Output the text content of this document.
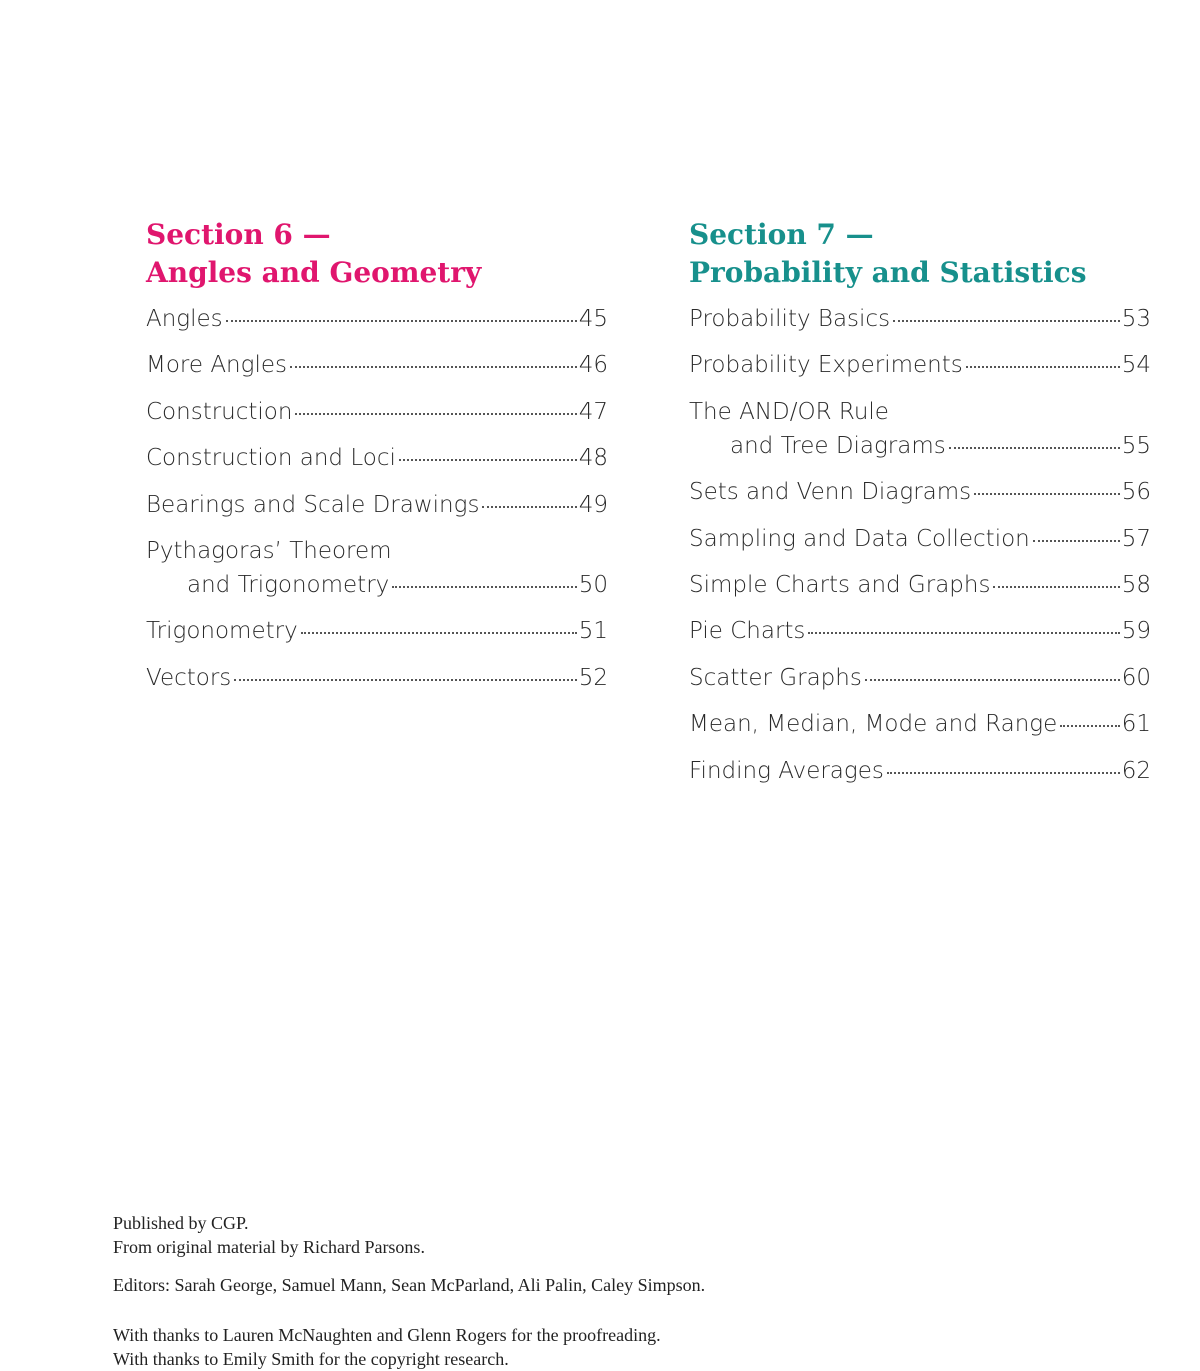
Section 6 —
Angles and Geometry
Angles	45
More Angles	46
Construction	47
Construction and Loci	48
Bearings and Scale Drawings	49
Pythagoras’ Theorem
and Trigonometry	50
Trigonometry	51
Vectors	52
Section 7 —
Probability and Statistics
Probability Basics	53
Probability Experiments	54
The AND/OR Rule
and Tree Diagrams	55
Sets and Venn Diagrams	56
Sampling and Data Collection	57
Simple Charts and Graphs	58
Pie Charts	59
Scatter Graphs	60
Mean, Median, Mode and Range	61
Finding Averages	62

Published by CGP.

From original material by Richard Parsons.

Editors: Sarah George, Samuel Mann, Sean McParland, Ali Palin, Caley Simpson.

With thanks to Lauren McNaughten and Glenn Rogers for the proofreading.

With thanks to Emily Smith for the copyright research.
